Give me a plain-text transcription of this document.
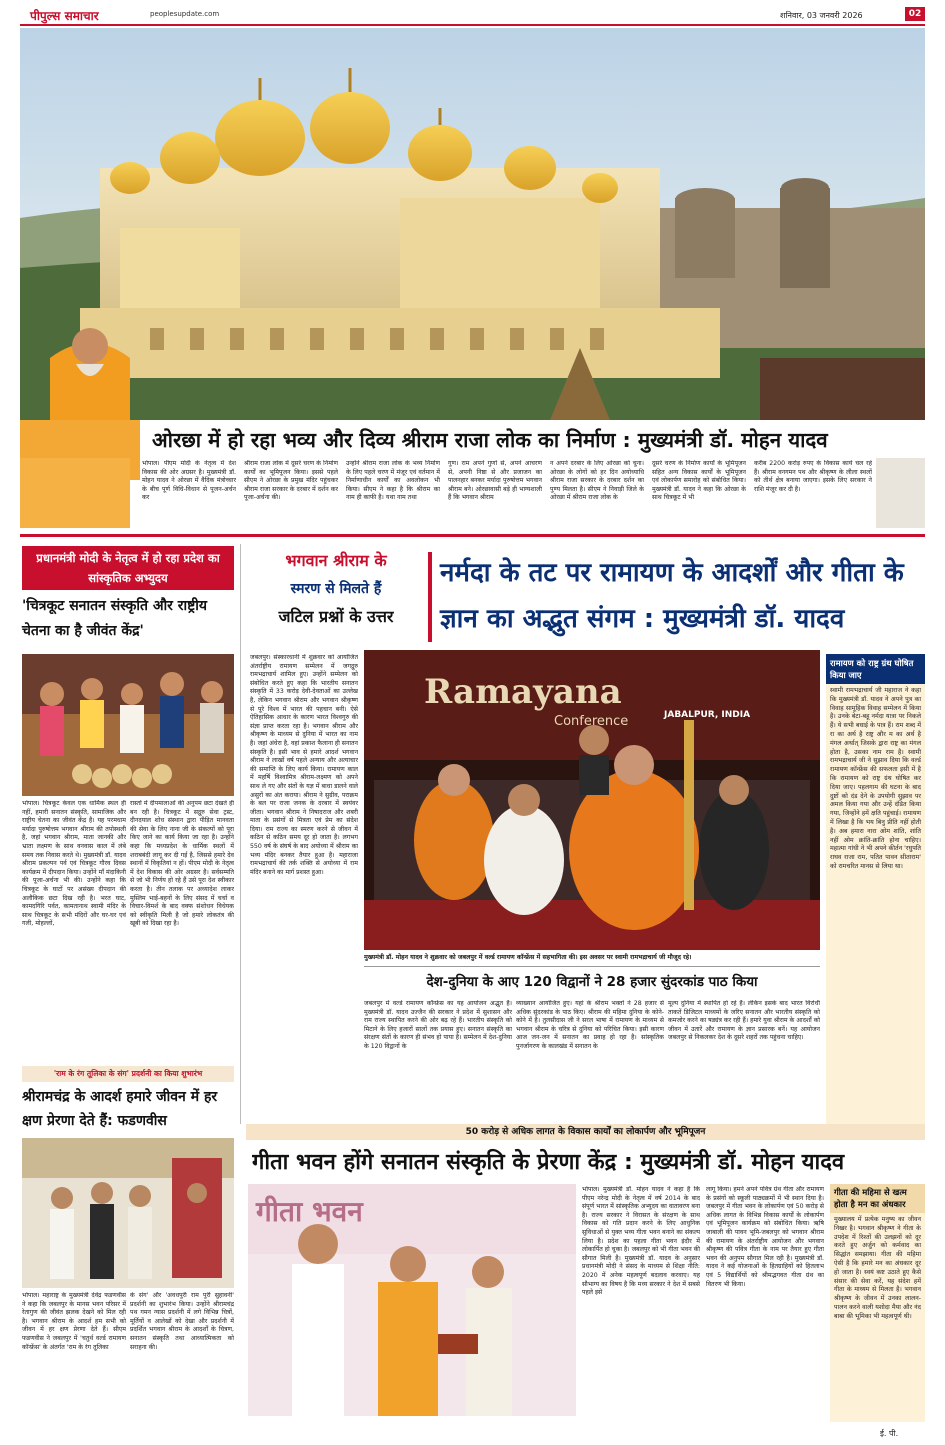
पीपुल्स समाचार	peoplesupdate.com	शनिवार, 03 जनवरी 2026	02
ओरछा में हो रहा भव्य और दिव्य श्रीराम राजा लोक का निर्माण : मुख्यमंत्री डॉ. मोहन यादव
भोपाल। पीएम मोदी के नेतृत्व में देश विकास की ओर अग्रसर है। मुख्यमंत्री डॉ. मोहन यादव ने ओरछा में वैदिक मंत्रोच्चार के बीच पूर्ण विधि-विधान से पूजन-अर्चन कर
श्रीराम राजा लोक में दूसरे चरण के निर्माण कार्यों का भूमिपूजन किया। इससे पहले सीएम ने ओरछा के प्रमुख मंदिर पहुंचकर श्रीराम राजा सरकार के दरबार में दर्शन कर पूजा-अर्चना की।
उन्होंने श्रीराम राजा लोक के भव्य निर्माण के लिए पहले चरण में मंजूर एवं वर्तमान में निर्माणाधीन कार्यों का अवलोकन भी किया। सीएम ने कहा है कि श्रीराम का नाम ही काफी है। यथा नाम तथा
गुण। राम अपने गुणों से, अपने आचरण से, अपनी निष्ठा से और प्रजाजन का पालनहार बनकर मर्यादा पुरुषोत्तम भगवान श्रीराम बने। ओरछावासी बड़े ही भाग्यशाली हैं कि भगवान श्रीराम
न अपने दरबार के लिए ओरछा को चुना। ओरछा के लोगों को हर दिन अयोध्याधि श्रीराम राजा सरकार के दरबार दर्शन का पुण्य मिलता है। सीएम ने निवाड़ी जिले के ओरछा में श्रीराम राजा लोक के
दूसरे चरण के निर्माण कार्यों के भूमिपूजन सहित अन्य विकास कार्यों के भूमिपूजन एवं लोकार्पण समारोह को संबोधित किया। मुख्यमंत्री डॉ. यादव ने कहा कि ओरछा के साथ चित्रकूट में भी
करीब 2200 करोड़ रुपए के विकास कार्य चल रहे हैं। श्रीराम वनगमन पथ और श्रीकृष्ण के लीला स्थलों को तीर्थ क्षेत्र बनाया जाएगा। इसके लिए सरकार ने राशि मंजूर कर दी है।
प्रधानमंत्री मोदी के नेतृत्व में हो रहा प्रदेश का सांस्कृतिक अभ्युदय
'चित्रकूट सनातन संस्कृति और राष्ट्रीय चेतना का है जीवंत केंद्र'
भोपाल। चित्रकूट केवल एक धार्मिक स्थल ही नहीं, हमारी सनातन संस्कृति, सामाजिक और राष्ट्रीय चेतना का जीवंत केंद्र है। यह परमधाम मर्यादा पुरुषोत्तम भगवान श्रीराम की तपोस्थली है, जहां भगवान श्रीराम, माता जानकी और भ्राता लक्ष्मण के साथ वनवास काल में लंबे समय तक निवास करते थे। मुख्यमंत्री डॉ. यादव श्रीराम प्रकल्पन पर्व एवं चित्रकूट गौरव दिवस कार्यक्रम में दीपदान किया। उन्होंने माँ मंदाकिनी की पूजा-अर्चना भी की। उन्होंने कहा कि चित्रकूट के घाटों पर असंख्य दीपदान की अलौकिक छटा दिख रही है। भरत घाट, कामदगिरि पर्वत, कामतानाथ स्वामी मंदिर के साथ चित्रकूट के सभी मंदिरों और घर-घर एवं गली, मोहल्लों,
रास्तों में दीपमालाओं की अनुपम छटा देखते ही बन रही है। चित्रकूट में सद्गुरु सेवा ट्रस्ट, दीनदयाल शोध संस्थान द्वारा पीड़ित मानवता की सेवा के लिए नाना जी के संकल्पों को पूरा किए जाने का कार्य किया जा रहा है। उन्होंने कहा कि मध्यप्रदेश के धार्मिक स्थलों में शराबबंदी लागू कर दी गई है, जिससे हमारे देव स्थानों में विकृतियां न हों। पीएम मोदी के नेतृत्व में देश विकास की ओर अग्रसर है। सर्वसम्मति से जो भी निर्णय हो रहे हैं उसे पूरा देश स्वीकार करता है। तीन तलाक पर अध्यादेश लाकर मुस्लिम भाई-बहनों के लिए संसद में चर्चा व विचार-विमर्श के बाद वक्फ संशोधन विधेयक को स्वीकृति मिली है जो हमारे लोकतंत्र की खूबी को दिखा रहा है।
'राम के रंग तूलिका के संग' प्रदर्शनी का किया शुभारंभ
श्रीरामचंद्र के आदर्श हमारे जीवन में हर क्षण प्रेरणा देते हैं: फडणवीस
भोपाल। महाराष्ट्र के मुख्यमंत्री देवेंद्र फडणवीस ने कहा कि जबलपुर के मानस भवन परिसर में रेतागुण की जीवंत झलक देखने को मिल रही है। भगवान श्रीराम के आदर्श हम सभी को जीवन में हर क्षण प्रेरणा देते हैं। सीएम फडणवीस ने जबलपुर में 'चतुर्थ वर्ल्ड रामायण कॉन्फ्रेंस' के अंतर्गत 'राम के रंग तूलिका
के संग' और 'अवधपुरी राम पुरी सुहावनी' प्रदर्शनी का शुभारंभ किया। उन्होंने श्रीरामचंद्र पथ गमन न्यास प्रदर्शनी में लगे विभिन्न चित्रों, मूर्तियों व आलेखों को देखा और प्रदर्शनी में प्रदर्शित भगवान श्रीराम के आदर्शों के चित्रण, सनातन संस्कृति तथा आध्यात्मिकता को सराहना की।
भगवान श्रीराम के
स्मरण से मिलते हैं
जटिल प्रश्नों के उत्तर
नर्मदा के तट पर रामायण के आदर्शों और गीता के ज्ञान का अद्भुत संगम : मुख्यमंत्री डॉ. यादव
जबलपुर। संस्कारधानी में शुक्रवार को आयोजित अंतर्राष्ट्रीय रामायण सम्मेलन में जगद्गुरु रामभद्राचार्य शामिल हुए। उन्होंने सम्मेलन को संबोधित करते हुए कहा कि भारतीय सनातन संस्कृति में 33 करोड़ देवी-देवताओं का उल्लेख है, लेकिन भगवान श्रीराम और भगवान श्रीकृष्ण से पूरे विश्व में भारत की पहचान बनी। ऐसे ऐतिहासिक आधार के कारण भारत विश्वगुरु की संज्ञा प्राप्त करता रहा है। भगवान श्रीराम और श्रीकृष्ण के माध्यम से दुनिया में भारत का नाम है। जहां अंधेरा है, वहां प्रकाश फैलाना ही सनातन संस्कृति है। इसी भाव से हमारे आदर्श भगवान श्रीराम ने लाखों वर्ष पहले अन्याय और अत्याचार की समाप्ति के लिए कार्य किया। रामायण काल में महर्षि विश्वामित्र श्रीराम-लक्ष्मण को अपने साथ ले गए और संतों के यज्ञ में बाधा डालने वाले असुरों का अंत कराया। श्रीराम ने सुग्रीव, पराक्रम के बल पर राजा जनक के दरबार में स्वयंवर जीता। भगवान श्रीराम ने निषादराज और शबरी माता के प्रसंगों से मित्रता एवं प्रेम का संदेश दिया। राम राज्य का स्मरण करने से जीवन में कठिन से कठिन समय दूर हो जाता है। लगभग 550 वर्ष के संघर्ष के बाद अयोध्या में श्रीराम का भव्य मंदिर बनकर तैयार हुआ है। महाराजा रामभद्राचार्य की तर्क शक्ति से अयोध्या में राम मंदिर बनाने का मार्ग प्रशस्त हुआ।
Ramayana
Conference	JABALPUR, INDIA
मुख्यमंत्री डॉ. मोहन यादव ने शुक्रवार को जबलपुर में वर्ल्ड रामायण कॉन्फ्रेंस में सहभागिता की। इस अवसर पर स्वामी रामभद्राचार्य जी मौजूद रहे।
देश-दुनिया के आए 120 विद्वानों ने 28 हजार सुंदरकांड पाठ किया
जबलपुर में वर्ल्ड रामायण कॉन्फ्रेंस का यह आयोजन अद्भुत है। मुख्यमंत्री डॉ. यादव उज्जैन की सरकार ने प्रदेश में सुशासन और राम राज्य स्थापित करने की ओर बढ़ रहे हैं। भारतीय संस्कृति को मिटाने के लिए हजारों सालों तक प्रयास हुए। सनातन संस्कृति का संरक्षण संतों के कारण ही संभव हो पाया है। सम्मेलन में देश-दुनिया के 120 विद्वानों के
व्याख्यान आयोजित हुए। यहां के श्रीराम भक्तों ने 28 हजार से अधिक सुंदरकांड के पाठ किए। श्रीराम की महिमा दुनिया के कोने-कोने में है। तुलसीदास जी ने सरल भाषा में रामायण के माध्यम से भगवान श्रीराम के चरित्र से दुनिया को परिचित किया। इसी कारण आज जन-जन में सनातन का प्रवाह हो रहा है। सांस्कृतिक पुनर्जागरण के कालखंड में सनातन के
मूल्य दुनिया में स्थापित हो रहे हैं। लेकिन इसके बाद भारत विरोधी ताकतें डिजिटल माध्यमों के जरिए सनातन और भारतीय संस्कृति को कमजोर करने का षड्यंत्र कर रही हैं। हमारे युवा श्रीराम के आदर्शों को जीवन में उतारें और रामायण के ज्ञान प्रसारक बनें। यह आयोजन जबलपुर से निकलकर देश के दूसरे शहरों तक पहुंचना चाहिए।
रामायण को राष्ट्र ग्रंथ घोषित किया जाए
स्वामी रामभद्राचार्य जी महाराज ने कहा कि मुख्यमंत्री डॉ. यादव ने अपने पुत्र का विवाह सामूहिक विवाह सम्मेलन में किया है। उनके बेटा-बहू नर्मदा यात्रा पर निकले हैं। ये सभी बधाई के पात्र हैं। राम शब्द में रा का अर्थ है राष्ट्र और म का अर्थ है मंगल अर्थात् जिसके द्वारा राष्ट्र का मंगल होता है, उसका नाम राम है। स्वामी रामभद्राचार्य जी ने सुझाव दिया कि वर्ल्ड रामायण कॉन्फ्रेंस की सफलता इसी में है कि रामायण को राष्ट्र ग्रंथ घोषित कर दिया जाए। पहलगाम की घटना के बाद दुष्टों को दंड देने के उपयोगी सुझाव पर अमल किया गया और उन्हें दंडित किया गया, जिन्होंने हमें क्षति पहुंचाई। रामायण में लिखा है कि भय बिनु प्रीति नहीं होती है। अब हमारा नारा ओम शांति, शांति नहीं ओम क्रांति-क्रांति होना चाहिए। महात्मा गांधी ने भी अपने कीर्तन 'रघुपति राघव राजा राम, पतित पावन सीताराम' को रामचरित मानस से लिया था।
50 करोड़ से अधिक लागत के विकास कार्यों का लोकार्पण और भूमिपूजन
गीता भवन होंगे सनातन संस्कृति के प्रेरणा केंद्र : मुख्यमंत्री डॉ. मोहन यादव
गीता भवन
भोपाल। मुख्यमंत्री डॉ. मोहन यादव ने कहा है कि पीएम नरेन्द्र मोदी के नेतृत्व में वर्ष 2014 के बाद संपूर्ण भारत में सांस्कृतिक अभ्युदय का वातावरण बना है। राज्य सरकार ने विरासत के संरक्षण के साथ विकास को गति प्रदान करने के लिए आधुनिक सुविधाओं से युक्त भव्य गीता भवन बनाने का संकल्प लिया है। प्रदेश का पहला गीता भवन इंदौर में लोकार्पित हो चुका है। जबलपुर को भी गीता भवन की सौगात मिली है। मुख्यमंत्री डॉ. यादव के अनुसार प्रधानमंत्री मोदी ने संसद के माध्यम से शिक्षा नीति: 2020 में अनेक महत्वपूर्ण बदलाव करवाए। यह सौभाग्य का विषय है कि मध्य सरकार ने देश में सबसे पहले इसे
लागू किया। हमने अपने पवित्र ग्रंथ गीता और रामायण के प्रसंगों को स्कूली पाठ्यक्रमों में भी स्थान दिया है। जबलपुर में गीता भवन के लोकार्पण एवं 50 करोड़ से अधिक लागत के विभिन्न विकास कार्यों के लोकार्पण एवं भूमिपूजन कार्यक्रम को संबोधित किया। ऋषि जाबाली की पावन भूमि-जबलपुर को भगवान श्रीराम की रामायण के अंतर्राष्ट्रीय आयोजन और भगवान श्रीकृष्ण की पवित्र गीता के नाम पर तैयार हुए गीता भवन की अनुपम सौगात मिल रही है। मुख्यमंत्री डॉ. यादव ने कई योजनाओं के हितग्राहियों को हितलाभ एवं 5 विद्यार्थियों को श्रीमद्भगवत गीता ग्रंथ का वितरण भी किया।
गीता की महिमा से खत्म होता है मन का अंधकार
मुख्यालय में प्रत्येक मनुष्य का जीवन निखर है। भगवान श्रीकृष्ण ने गीता के उपदेश में रिश्तों की उलझनों को दूर करते हुए अर्जुन को कर्मवाद का सिद्धांत समझाया। गीता की महिमा ऐसी है कि हमारे मन का अंधकार दूर हो जाता है। स्वयं कष्ट उठाते हुए कैसे संसार की सेवा करें, यह संदेश हमें गीता के माध्यम से मिलता है। भगवान श्रीकृष्ण के जीवन में उनका लालन-पालन करने वाली यशोदा मैया और नंद बाबा की भूमिका भी महत्वपूर्ण थी।
ई. पी.
